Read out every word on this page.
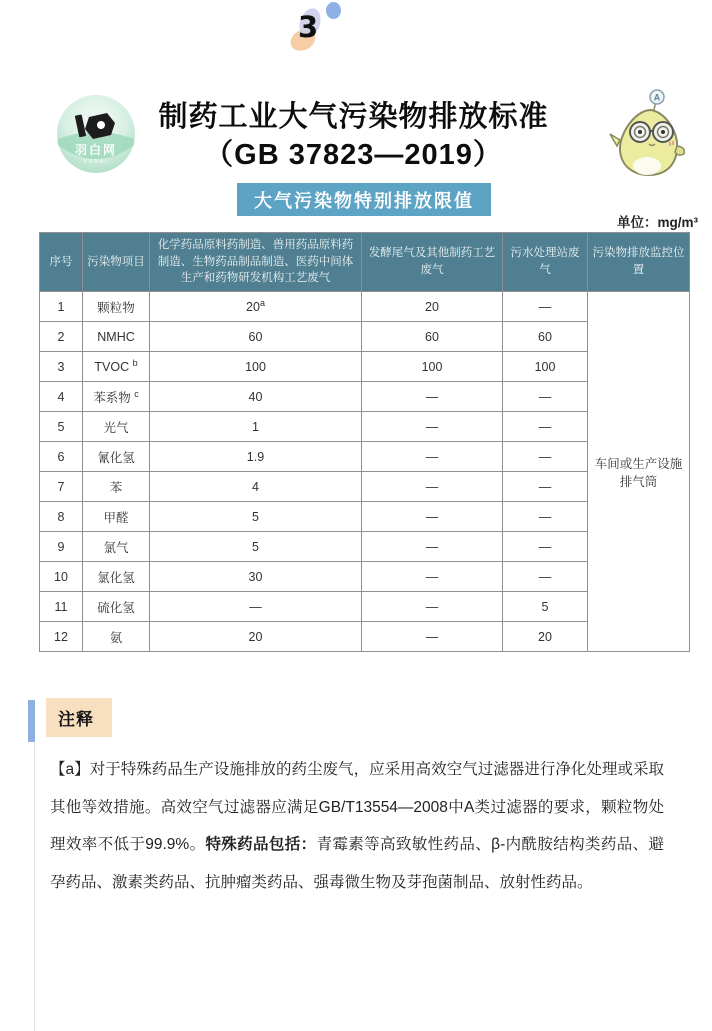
3
羽白网
YUBAI
制药工业大气污染物排放标准
（GB 37823—2019）
A
大气污染物特别排放限值
单位：mg/m³
序号	污染物项目	化学药品原料药制造、兽用药品原料药制造、生物药品制品制造、医药中间体生产和药物研发机构工艺废气	发酵尾气及其他制药工艺废气	污水处理站废气	污染物排放监控位置
1	颗粒物	20$^a$	20	—	车间或生产设施排气筒
2	NMHC	60	60	60	
3	TVOC $^b$	100	100	100	
4	苯系物 $^c$	40	—	—	
5	光气	1	—	—	
6	氰化氢	1.9	—	—	
7	苯	4	—	—	
8	甲醛	5	—	—	
9	氯气	5	—	—	
10	氯化氢	30	—	—	
11	硫化氢	—	—	5	
12	氨	20	—	20	
注释

【a】对于特殊药品生产设施排放的药尘废气，应采用高效空气过滤器进行净化处理或采取其他等效措施。高效空气过滤器应满足GB/T13554—2008中A类过滤器的要求，颗粒物处理效率不低于99.9%。特殊药品包括：青霉素等高致敏性药品、β-内酰胺结构类药品、避孕药品、激素类药品、抗肿瘤类药品、强毒微生物及芽孢菌制品、放射性药品。
